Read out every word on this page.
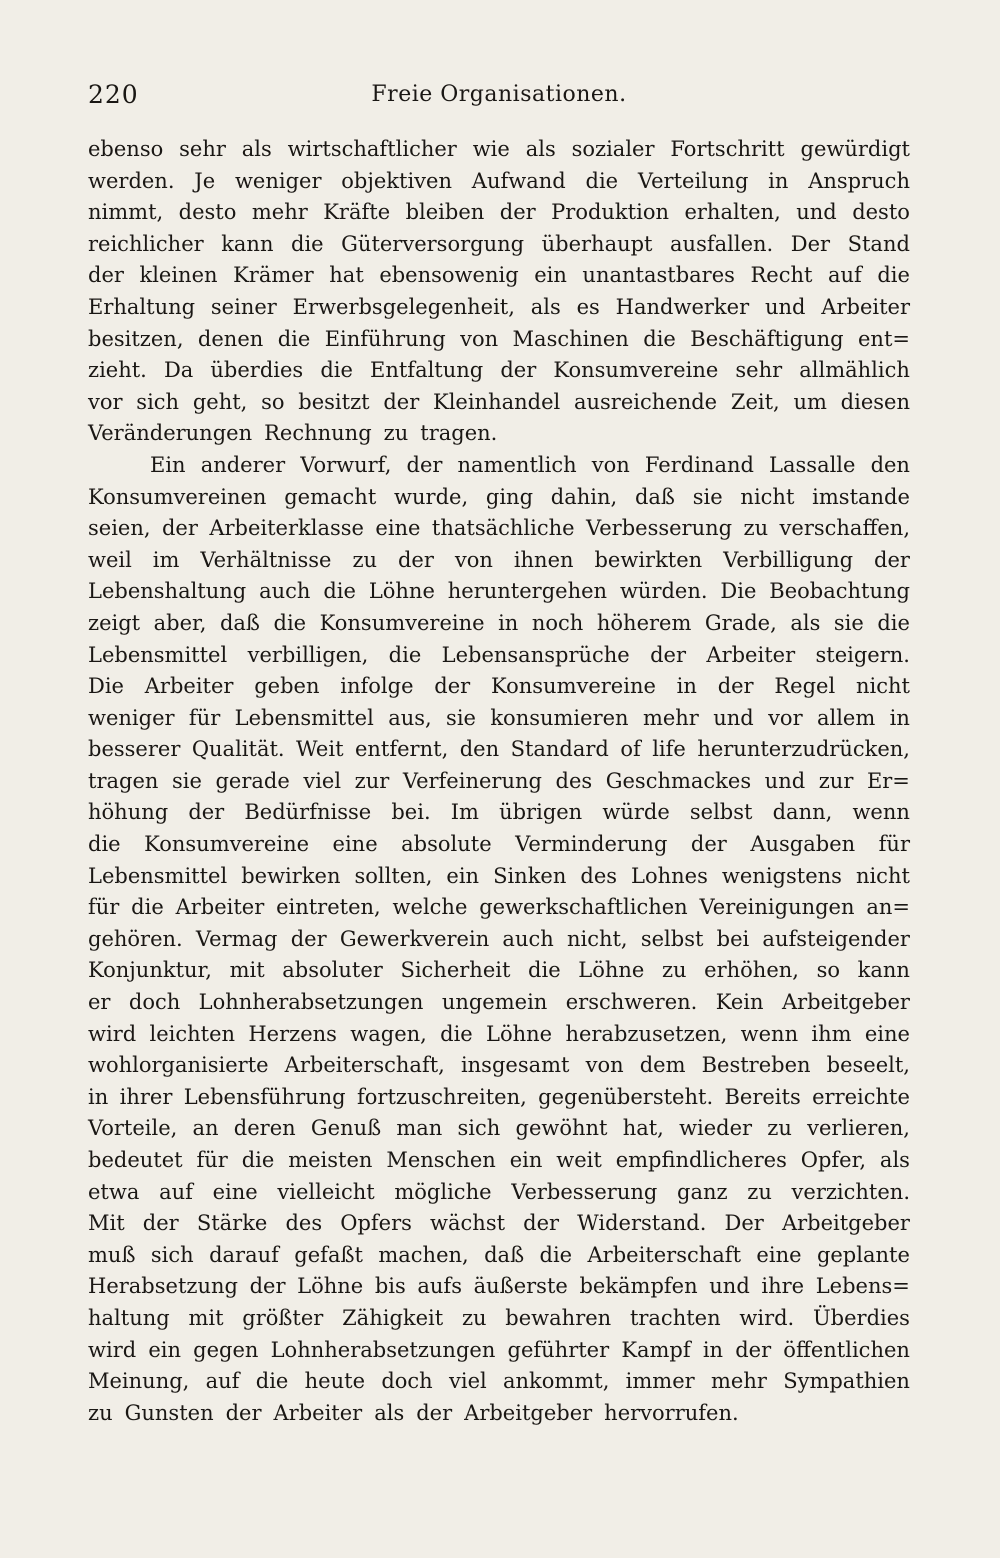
220	Freie Organisationen.
ebenso sehr als wirtschaftlicher wie als sozialer Fortschritt gewürdigt
werden. Je weniger objektiven Aufwand die Verteilung in Anspruch
nimmt, desto mehr Kräfte bleiben der Produktion erhalten, und desto
reichlicher kann die Güterversorgung überhaupt ausfallen. Der Stand
der kleinen Krämer hat ebensowenig ein unantastbares Recht auf die
Erhaltung seiner Erwerbsgelegenheit, als es Handwerker und Arbeiter
besitzen, denen die Einführung von Maschinen die Beschäftigung ent=
zieht. Da überdies die Entfaltung der Konsumvereine sehr allmählich
vor sich geht, so besitzt der Kleinhandel ausreichende Zeit, um diesen
Veränderungen Rechnung zu tragen.
Ein anderer Vorwurf, der namentlich von Ferdinand Lassalle den
Konsumvereinen gemacht wurde, ging dahin, daß sie nicht imstande
seien, der Arbeiterklasse eine thatsächliche Verbesserung zu verschaffen,
weil im Verhältnisse zu der von ihnen bewirkten Verbilligung der
Lebenshaltung auch die Löhne heruntergehen würden. Die Beobachtung
zeigt aber, daß die Konsumvereine in noch höherem Grade, als sie die
Lebensmittel verbilligen, die Lebensansprüche der Arbeiter steigern.
Die Arbeiter geben infolge der Konsumvereine in der Regel nicht
weniger für Lebensmittel aus, sie konsumieren mehr und vor allem in
besserer Qualität. Weit entfernt, den Standard of life herunterzudrücken,
tragen sie gerade viel zur Verfeinerung des Geschmackes und zur Er=
höhung der Bedürfnisse bei. Im übrigen würde selbst dann, wenn
die Konsumvereine eine absolute Verminderung der Ausgaben für
Lebensmittel bewirken sollten, ein Sinken des Lohnes wenigstens nicht
für die Arbeiter eintreten, welche gewerkschaftlichen Vereinigungen an=
gehören. Vermag der Gewerkverein auch nicht, selbst bei aufsteigender
Konjunktur, mit absoluter Sicherheit die Löhne zu erhöhen, so kann
er doch Lohnherabsetzungen ungemein erschweren. Kein Arbeitgeber
wird leichten Herzens wagen, die Löhne herabzusetzen, wenn ihm eine
wohlorganisierte Arbeiterschaft, insgesamt von dem Bestreben beseelt,
in ihrer Lebensführung fortzuschreiten, gegenübersteht. Bereits erreichte
Vorteile, an deren Genuß man sich gewöhnt hat, wieder zu verlieren,
bedeutet für die meisten Menschen ein weit empfindlicheres Opfer, als
etwa auf eine vielleicht mögliche Verbesserung ganz zu verzichten.
Mit der Stärke des Opfers wächst der Widerstand. Der Arbeitgeber
muß sich darauf gefaßt machen, daß die Arbeiterschaft eine geplante
Herabsetzung der Löhne bis aufs äußerste bekämpfen und ihre Lebens=
haltung mit größter Zähigkeit zu bewahren trachten wird. Überdies
wird ein gegen Lohnherabsetzungen geführter Kampf in der öffentlichen
Meinung, auf die heute doch viel ankommt, immer mehr Sympathien
zu Gunsten der Arbeiter als der Arbeitgeber hervorrufen.
